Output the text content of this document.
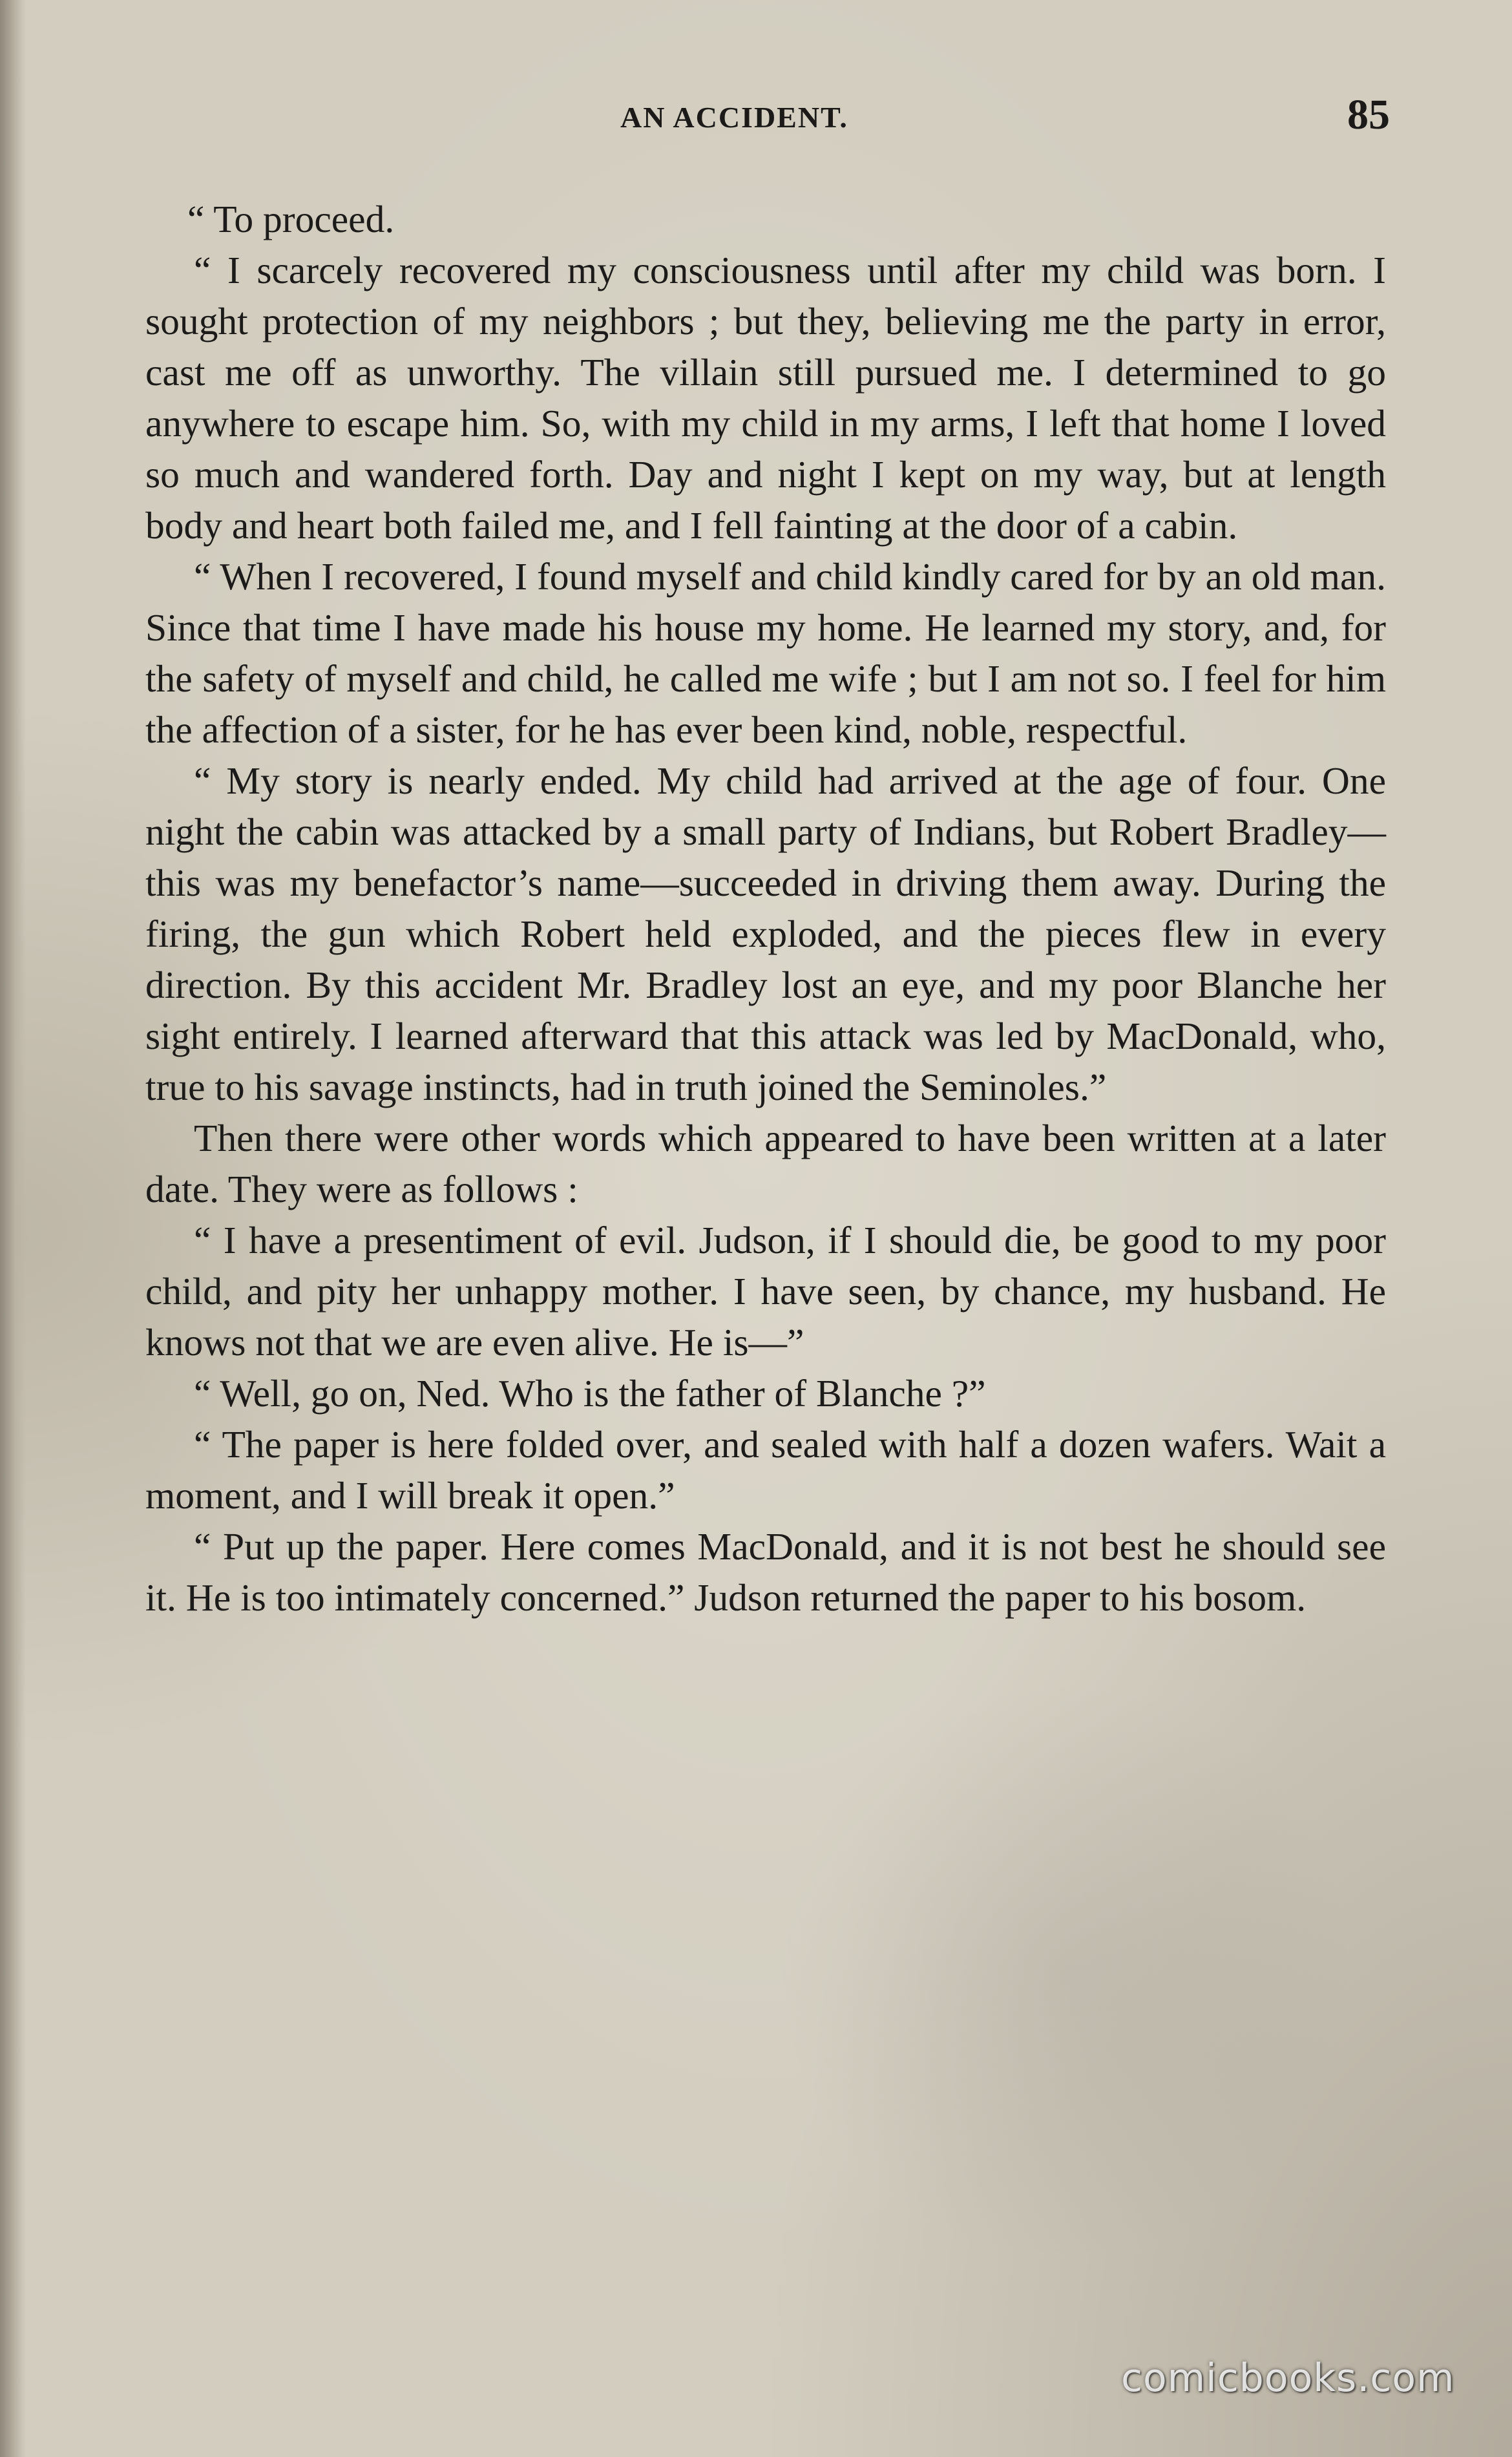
AN ACCIDENT.	85

“ To proceed.

“ I scarcely recovered my consciousness until after my child was born. I sought protection of my neighbors ; but they, believing me the party in error, cast me off as unworthy. The villain still pursued me. I determined to go anywhere to escape him. So, with my child in my arms, I left that home I loved so much and wandered forth. Day and night I kept on my way, but at length body and heart both failed me, and I fell fainting at the door of a cabin.

“ When I recovered, I found myself and child kindly cared for by an old man. Since that time I have made his house my home. He learned my story, and, for the safety of myself and child, he called me wife ; but I am not so. I feel for him the affection of a sister, for he has ever been kind, noble, respectful.

“ My story is nearly ended. My child had arrived at the age of four. One night the cabin was attacked by a small party of Indians, but Robert Bradley—this was my benefactor’s name—succeeded in driving them away. During the firing, the gun which Robert held exploded, and the pieces flew in every direction. By this accident Mr. Bradley lost an eye, and my poor Blanche her sight entirely. I learned afterward that this attack was led by MacDonald, who, true to his savage instincts, had in truth joined the Seminoles.”

Then there were other words which appeared to have been written at a later date. They were as follows :

“ I have a presentiment of evil. Judson, if I should die, be good to my poor child, and pity her unhappy mother. I have seen, by chance, my husband. He knows not that we are even alive. He is—”

“ Well, go on, Ned. Who is the father of Blanche ?”

“ The paper is here folded over, and sealed with half a dozen wafers. Wait a moment, and I will break it open.”

“ Put up the paper. Here comes MacDonald, and it is not best he should see it. He is too intimately concerned.” Judson returned the paper to his bosom.

comicbooks.com
